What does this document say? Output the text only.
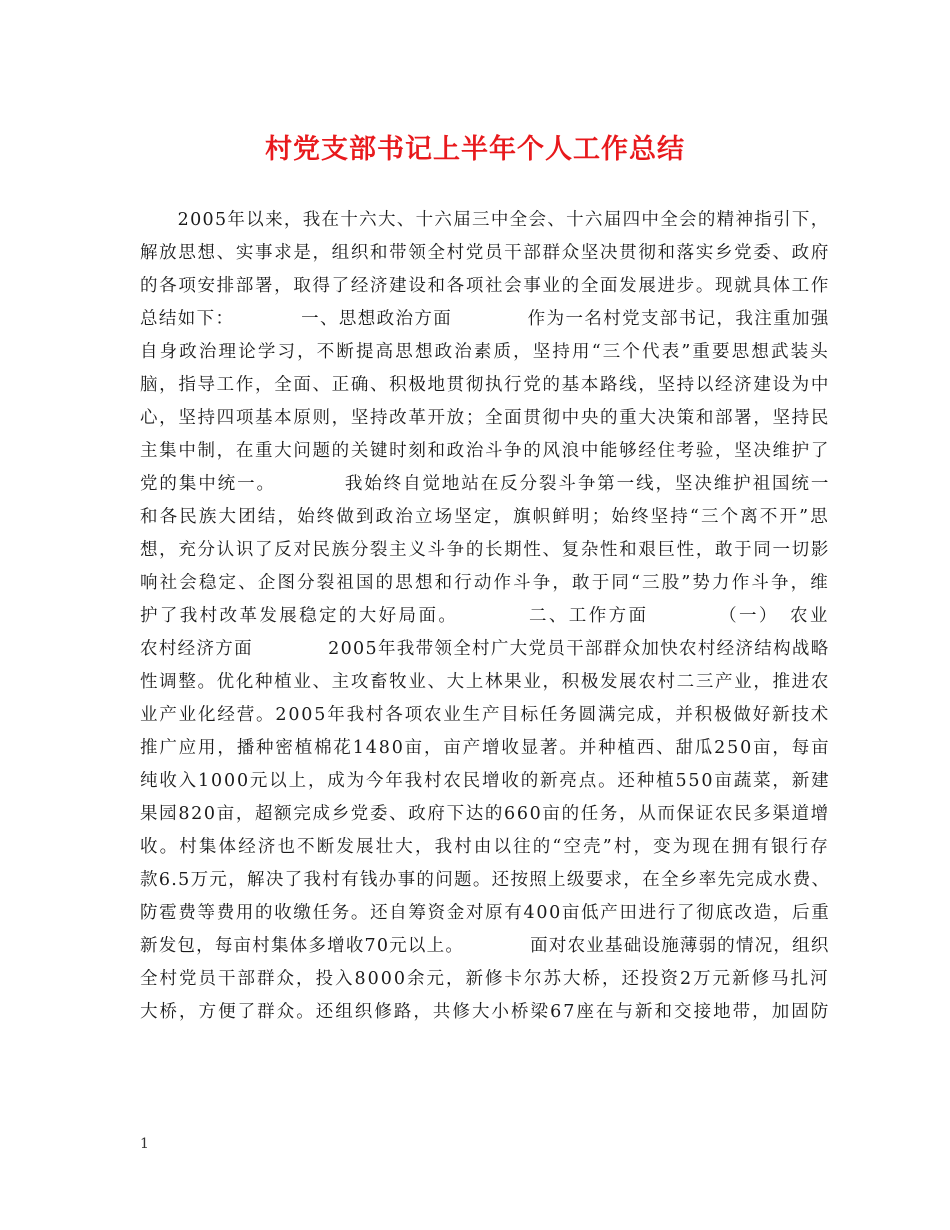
村党支部书记上半年个人工作总结
　　2005年以来，我在十六大、十六届三中全会、十六届四中全会的精神指引下，
解放思想、实事求是，组织和带领全村党员干部群众坚决贯彻和落实乡党委、政府
的各项安排部署，取得了经济建设和各项社会事业的全面发展进步。现就具体工作
总结如下：　　　　一、思想政治方面　　　　作为一名村党支部书记，我注重加强
自身政治理论学习，不断提高思想政治素质，坚持用“三个代表”重要思想武装头
脑，指导工作，全面、正确、积极地贯彻执行党的基本路线，坚持以经济建设为中
心，坚持四项基本原则，坚持改革开放；全面贯彻中央的重大决策和部署，坚持民
主集中制，在重大问题的关键时刻和政治斗争的风浪中能够经住考验，坚决维护了
党的集中统一。　　　　我始终自觉地站在反分裂斗争第一线，坚决维护祖国统一
和各民族大团结，始终做到政治立场坚定，旗帜鲜明；始终坚持“三个离不开”思
想，充分认识了反对民族分裂主义斗争的长期性、复杂性和艰巨性，敢于同一切影
响社会稳定、企图分裂祖国的思想和行动作斗争，敢于同“三股”势力作斗争，维
护了我村改革发展稳定的大好局面。　　　　二、工作方面　　　　（一）　农业
农村经济方面　　　　2005年我带领全村广大党员干部群众加快农村经济结构战略
性调整。优化种植业、主攻畜牧业、大上林果业，积极发展农村二三产业，推进农
业产业化经营。2005年我村各项农业生产目标任务圆满完成，并积极做好新技术
推广应用，播种密植棉花1480亩，亩产增收显著。并种植西、甜瓜250亩，每亩
纯收入1000元以上，成为今年我村农民增收的新亮点。还种植550亩蔬菜，新建
果园820亩，超额完成乡党委、政府下达的660亩的任务，从而保证农民多渠道增
收。村集体经济也不断发展壮大，我村由以往的“空壳”村，变为现在拥有银行存
款6.5万元，解决了我村有钱办事的问题。还按照上级要求，在全乡率先完成水费、
防雹费等费用的收缴任务。还自筹资金对原有400亩低产田进行了彻底改造，后重
新发包，每亩村集体多增收70元以上。　　　　面对农业基础设施薄弱的情况，组织
全村党员干部群众，投入8000余元，新修卡尔苏大桥，还投资2万元新修马扎河
大桥，方便了群众。还组织修路，共修大小桥梁67座在与新和交接地带，加固防
1
